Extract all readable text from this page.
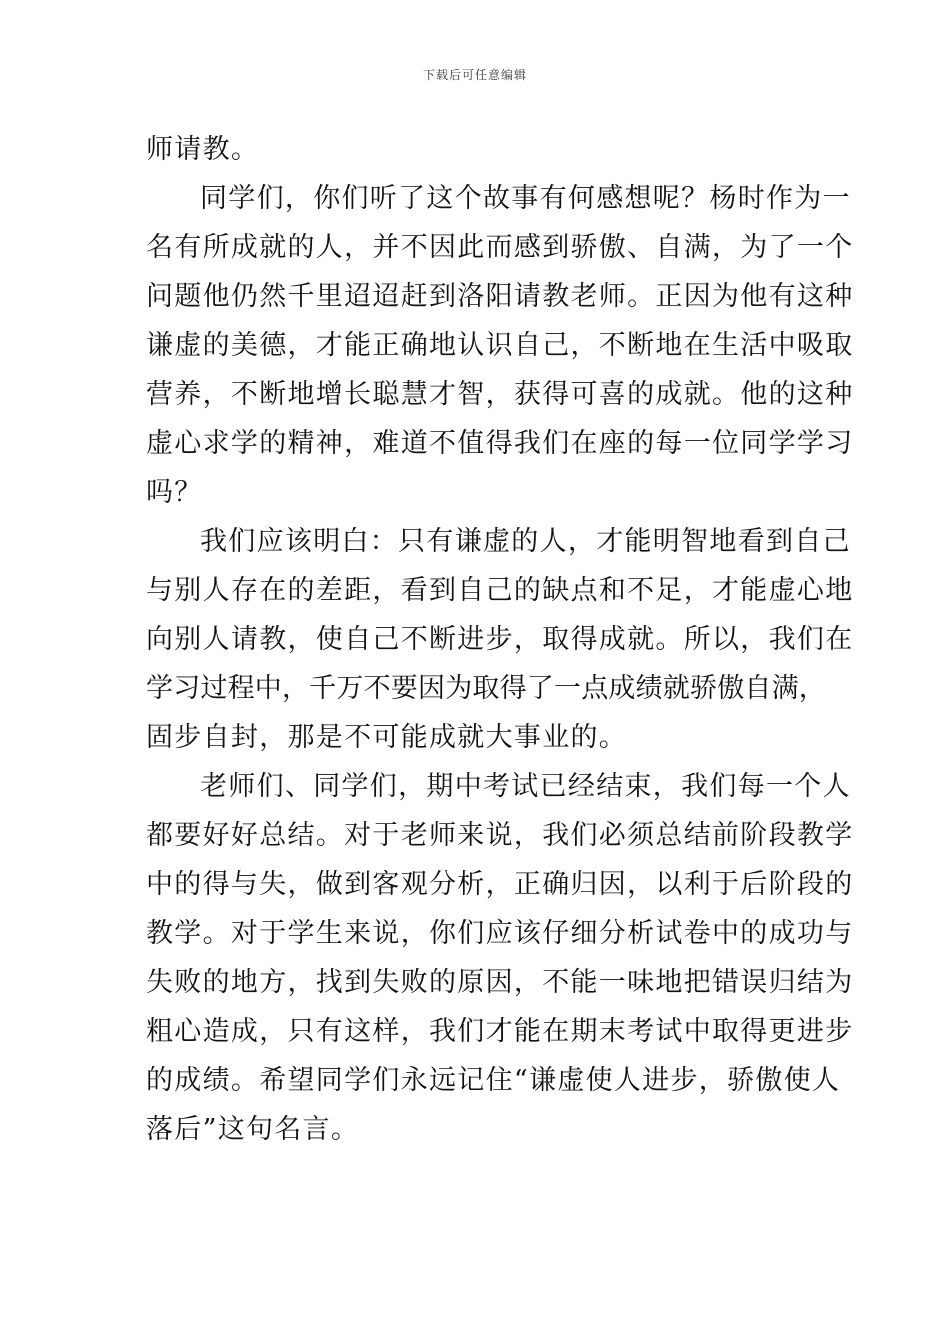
下载后可任意编辑
师请教。
同学们，你们听了这个故事有何感想呢？杨时作为一
名有所成就的人，并不因此而感到骄傲、自满，为了一个
问题他仍然千里迢迢赶到洛阳请教老师。正因为他有这种
谦虚的美德，才能正确地认识自己，不断地在生活中吸取
营养，不断地增长聪慧才智，获得可喜的成就。他的这种
虚心求学的精神，难道不值得我们在座的每一位同学学习
吗？
我们应该明白：只有谦虚的人，才能明智地看到自己
与别人存在的差距，看到自己的缺点和不足，才能虚心地
向别人请教，使自己不断进步，取得成就。所以，我们在
学习过程中，千万不要因为取得了一点成绩就骄傲自满，
固步自封，那是不可能成就大事业的。
老师们、同学们，期中考试已经结束，我们每一个人
都要好好总结。对于老师来说，我们必须总结前阶段教学
中的得与失，做到客观分析，正确归因，以利于后阶段的
教学。对于学生来说，你们应该仔细分析试卷中的成功与
失败的地方，找到失败的原因，不能一味地把错误归结为
粗心造成，只有这样，我们才能在期末考试中取得更进步
的成绩。希望同学们永远记住“谦虚使人进步，骄傲使人
落后”这句名言。
